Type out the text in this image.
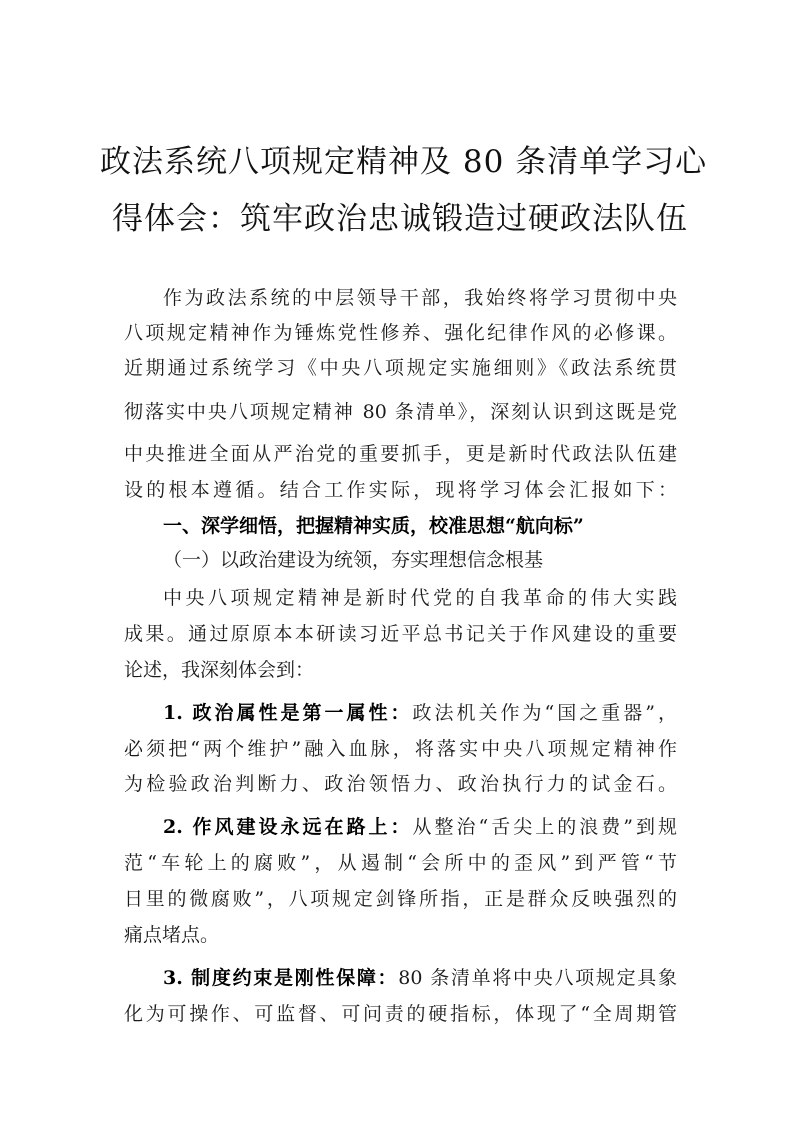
政法系统八项规定精神及 80 条清单学习心
得体会：筑牢政治忠诚锻造过硬政法队伍
作为政法系统的中层领导干部，我始终将学习贯彻中央
八项规定精神作为锤炼党性修养、强化纪律作风的必修课。
近期通过系统学习《中央八项规定实施细则》《政法系统贯
彻落实中央八项规定精神 80 条清单》，深刻认识到这既是党
中央推进全面从严治党的重要抓手，更是新时代政法队伍建
设的根本遵循。结合工作实际，现将学习体会汇报如下：
一、深学细悟，把握精神实质，校准思想“航向标”
（一）以政治建设为统领，夯实理想信念根基
中央八项规定精神是新时代党的自我革命的伟大实践
成果。通过原原本本研读习近平总书记关于作风建设的重要
论述，我深刻体会到：
1. 政治属性是第一属性：政法机关作为“国之重器”，
必须把“两个维护”融入血脉，将落实中央八项规定精神作
为检验政治判断力、政治领悟力、政治执行力的试金石。
2. 作风建设永远在路上：从整治“舌尖上的浪费”到规
范“车轮上的腐败”，从遏制“会所中的歪风”到严管“节
日里的微腐败”，八项规定剑锋所指，正是群众反映强烈的
痛点堵点。
3. 制度约束是刚性保障：80 条清单将中央八项规定具象
化为可操作、可监督、可问责的硬指标，体现了“全周期管
